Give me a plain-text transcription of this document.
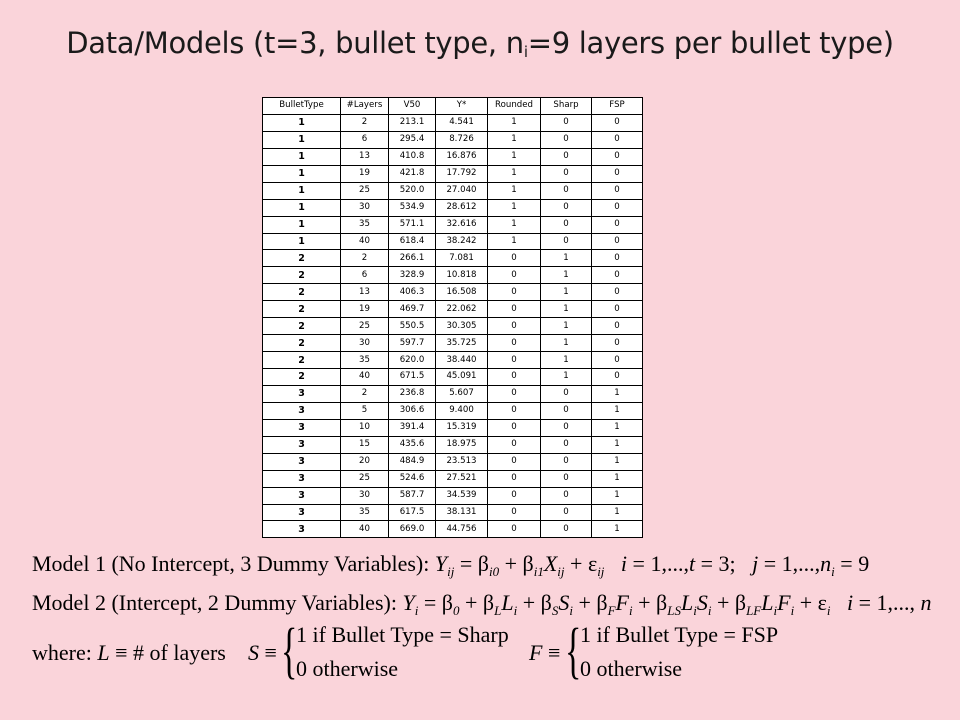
Data/Models (t=3, bullet type, $n_i=9$ layers per bullet type)
BulletType	#Layers	V50	Y*	Rounded	Sharp	FSP
1	2	213.1	4.541	1	0	0
1	6	295.4	8.726	1	0	0
1	13	410.8	16.876	1	0	0
1	19	421.8	17.792	1	0	0
1	25	520.0	27.040	1	0	0
1	30	534.9	28.612	1	0	0
1	35	571.1	32.616	1	0	0
1	40	618.4	38.242	1	0	0
2	2	266.1	7.081	0	1	0
2	6	328.9	10.818	0	1	0
2	13	406.3	16.508	0	1	0
2	19	469.7	22.062	0	1	0
2	25	550.5	30.305	0	1	0
2	30	597.7	35.725	0	1	0
2	35	620.0	38.440	0	1	0
2	40	671.5	45.091	0	1	0
3	2	236.8	5.607	0	0	1
3	5	306.6	9.400	0	0	1
3	10	391.4	15.319	0	0	1
3	15	435.6	18.975	0	0	1
3	20	484.9	23.513	0	0	1
3	25	524.6	27.521	0	0	1
3	30	587.7	34.539	0	0	1
3	35	617.5	38.131	0	0	1
3	40	669.0	44.756	0	0	1
Model 1 (No Intercept, 3 Dummy Variables): $Y_{ij} = \beta_{i0} + \beta_{i1}X_{ij} + \varepsilon_{ij}$ i = 1,...,t = 3;   $j = 1,...,n_i = 9$
Model 2 (Intercept, 2 Dummy Variables): $Y_i = \beta_0 + \beta_LL_i + \beta_SS_i + \beta_FF_i + \beta_{LS}L_iS_i + \beta_{LF}L_iF_i + \varepsilon_i$ i = 1,..., n
where: L ≡ # of layers S ≡ {
1 if Bullet Type = Sharp
0 otherwise
F ≡ {
1 if Bullet Type = FSP
0 otherwise
